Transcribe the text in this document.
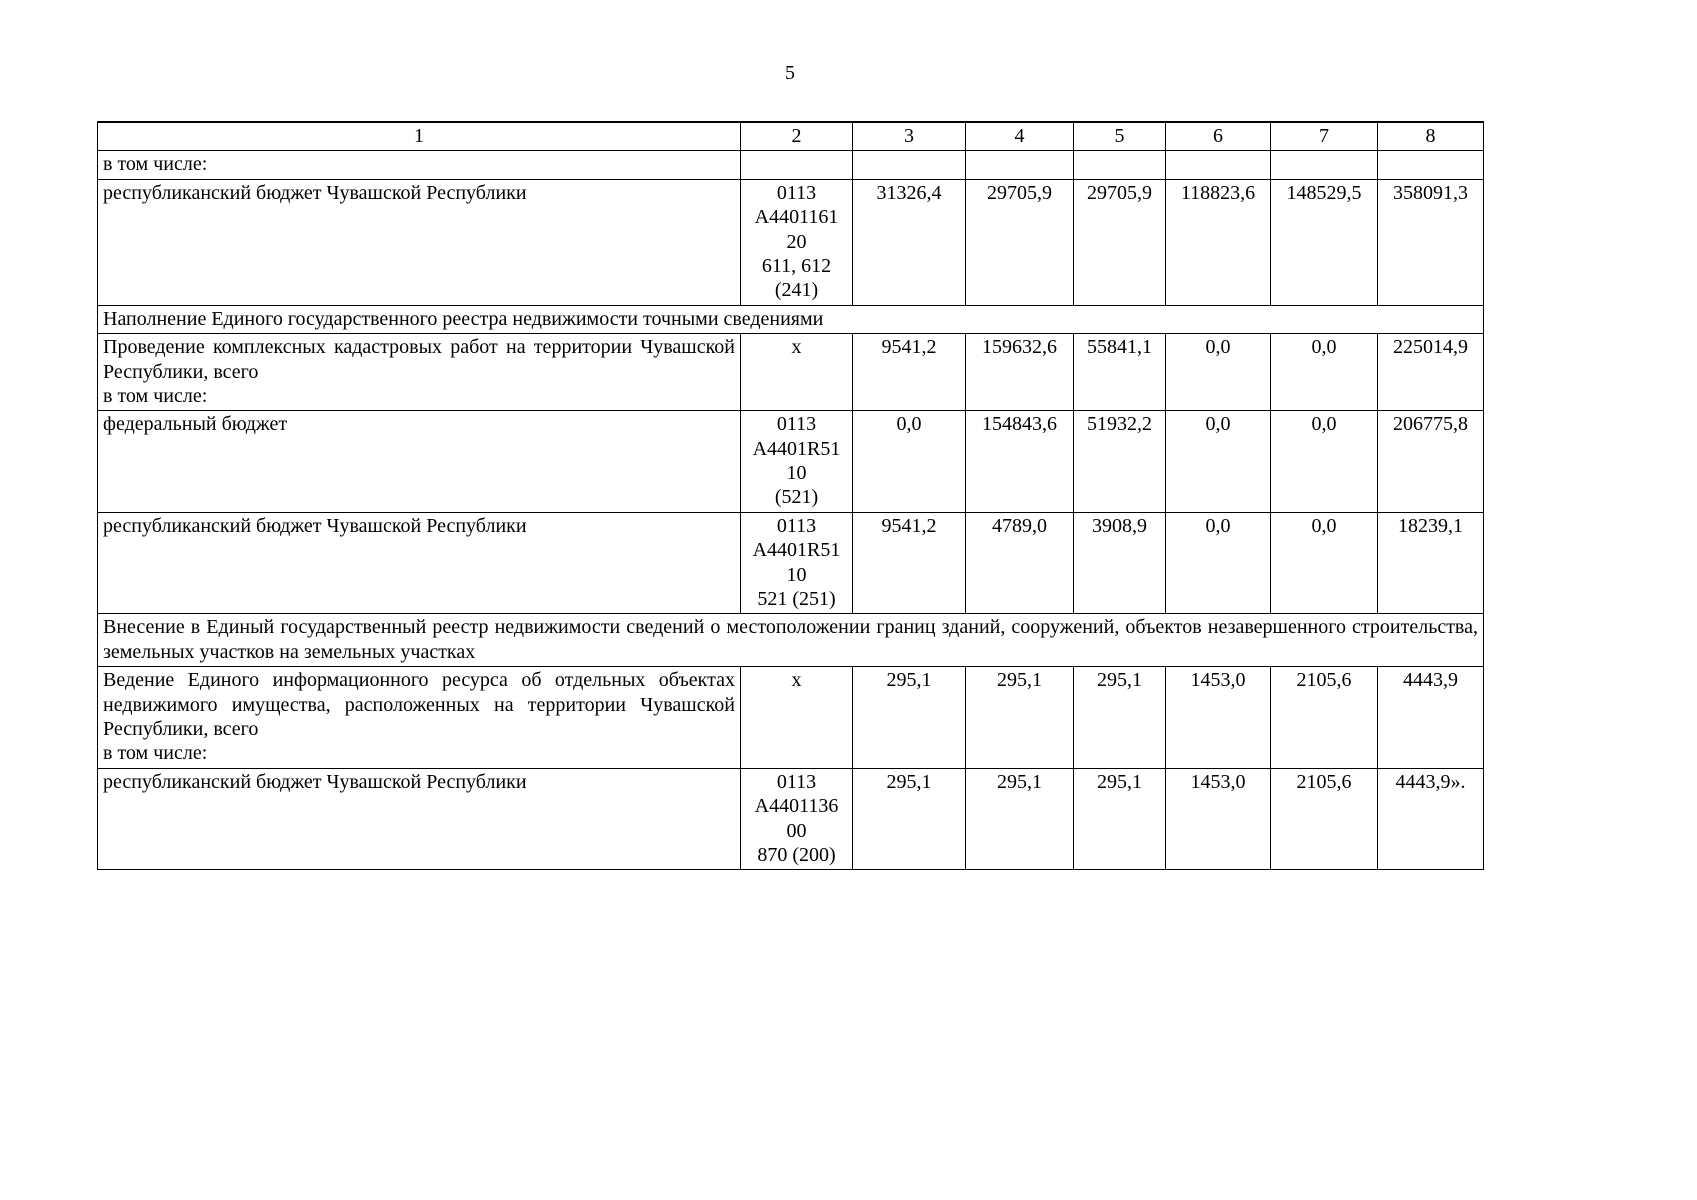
5
1	2	3	4	5	6	7	8
в том числе:							
республиканский бюджет Чувашской Республики	0113
А4401161
20
611, 612
(241)	31326,4	29705,9	29705,9	118823,6	148529,5	358091,3
Наполнение Единого государственного реестра недвижимости точными сведениями							

Проведение комплексных кадастровых работ на территории Чувашской Республики, всего
в том числе:	х	9541,2	159632,6	55841,1	0,0	0,0	225014,9
федеральный бюджет	0113
А4401R51
10
(521)	0,0	154843,6	51932,2	0,0	0,0	206775,8
республиканский бюджет Чувашской Республики	0113
А4401R51
10
521 (251)	9541,2	4789,0	3908,9	0,0	0,0	18239,1
Внесение в Единый государственный реестр недвижимости сведений о местоположении границ зданий, сооружений, объектов незавершенного строительства, земельных участков на земельных участках							

Ведение Единого информационного ресурса об отдельных объектах недвижимого имущества, расположенных на территории Чувашской Республики, всего
в том числе:	х	295,1	295,1	295,1	1453,0	2105,6	4443,9
республиканский бюджет Чувашской Республики	0113
А4401136
00
870 (200)	295,1	295,1	295,1	1453,0	2105,6	4443,9».
